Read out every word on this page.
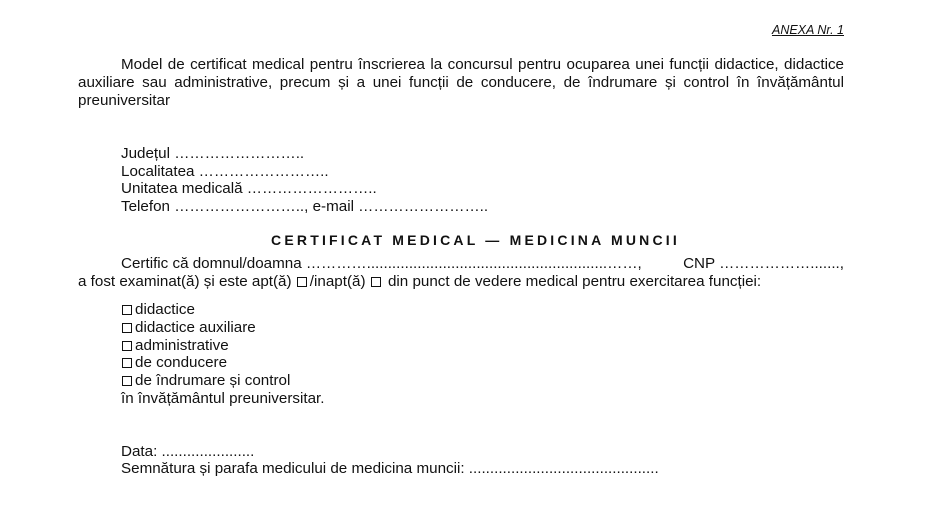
ANEXA Nr. 1
Model de certificat medical pentru înscrierea la concursul pentru ocuparea unei funcții didactice, didactice auxiliare sau administrative, precum și a unei funcții de conducere, de îndrumare și control în învățământul preuniversitar
Județul ……………………..
Localitatea ……………………..
Unitatea medicală ……………………..
Telefon …………………….., e-mail ……………………..
CERTIFICAT MEDICAL — MEDICINA MUNCII
Certific că domnul/doamna ………….........................................................……,	CNP ……………….......,
a fost examinat(ă) și este apt(ă) /inapt(ă) din punct de vedere medical pentru exercitarea funcției:
didactice
didactice auxiliare
administrative
de conducere
de îndrumare și control
în învățământul preuniversitar.
Data: ......................
Semnătura și parafa medicului de medicina muncii: .............................................
